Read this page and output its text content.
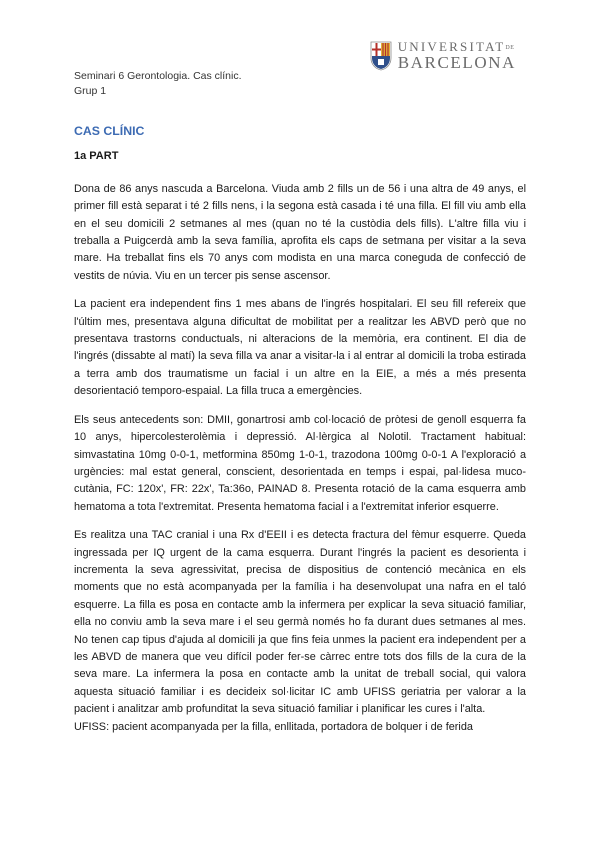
UNIVERSITATDE
BARCELONA
Seminari 6 Gerontologia. Cas clínic.
Grup 1
CAS CLÍNIC
1a PART

Dona de 86 anys nascuda a Barcelona. Viuda amb 2 fills un de 56 i una altra de 49 anys, el primer fill està separat i té 2 fills nens, i la segona està casada i té una filla. El fill viu amb ella en el seu domicili 2 setmanes al mes (quan no té la custòdia dels fills). L'altre filla viu i treballa a Puigcerdà amb la seva família, aprofita els caps de setmana per visitar a la seva mare. Ha treballat fins els 70 anys com modista en una marca coneguda de confecció de vestits de núvia. Viu en un tercer pis sense ascensor.

La pacient era independent fins 1 mes abans de l'ingrés hospitalari. El seu fill refereix que l'últim mes, presentava alguna dificultat de mobilitat per a realitzar les ABVD però que no presentava trastorns conductuals, ni alteracions de la memòria, era continent. El dia de l'ingrés (dissabte al matí) la seva filla va anar a visitar-la i al entrar al domicili la troba estirada a terra amb dos traumatisme un facial i un altre en la EIE, a més a més presenta desorientació temporo-espaial. La filla truca a emergències.

Els seus antecedents son: DMII, gonartrosi amb col·locació de pròtesi de genoll esquerra fa 10 anys, hipercolesterolèmia i depressió. Al·lèrgica al Nolotil. Tractament habitual: simvastatina 10mg 0-0-1, metformina 850mg 1-0-1, trazodona 100mg 0-0-1 A l'exploració a urgències: mal estat general, conscient, desorientada en temps i espai, pal·lidesa muco-cutània, FC: 120x', FR: 22x', Ta:36o, PAINAD 8. Presenta rotació de la cama esquerra amb hematoma a tota l'extremitat. Presenta hematoma facial i a l'extremitat inferior esquerre.

Es realitza una TAC cranial i una Rx d'EEII i es detecta fractura del fèmur esquerre. Queda ingressada per IQ urgent de la cama esquerra. Durant l'ingrés la pacient es desorienta i incrementa la seva agressivitat, precisa de dispositius de contenció mecànica en els moments que no està acompanyada per la família i ha desenvolupat una nafra en el taló esquerre. La filla es posa en contacte amb la infermera per explicar la seva situació familiar, ella no conviu amb la seva mare i el seu germà només ho fa durant dues setmanes al mes. No tenen cap tipus d'ajuda al domicili ja que fins feia unmes la pacient era independent per a les ABVD de manera que veu difícil poder fer-se càrrec entre tots dos fills de la cura de la seva mare. La infermera la posa en contacte amb la unitat de treball social, qui valora aquesta situació familiar i es decideix sol·licitar IC amb UFISS geriatria per valorar a la pacient i analitzar amb profunditat la seva situació familiar i planificar les cures i l'alta.

UFISS: pacient acompanyada per la filla, enllitada, portadora de bolquer i de ferida
